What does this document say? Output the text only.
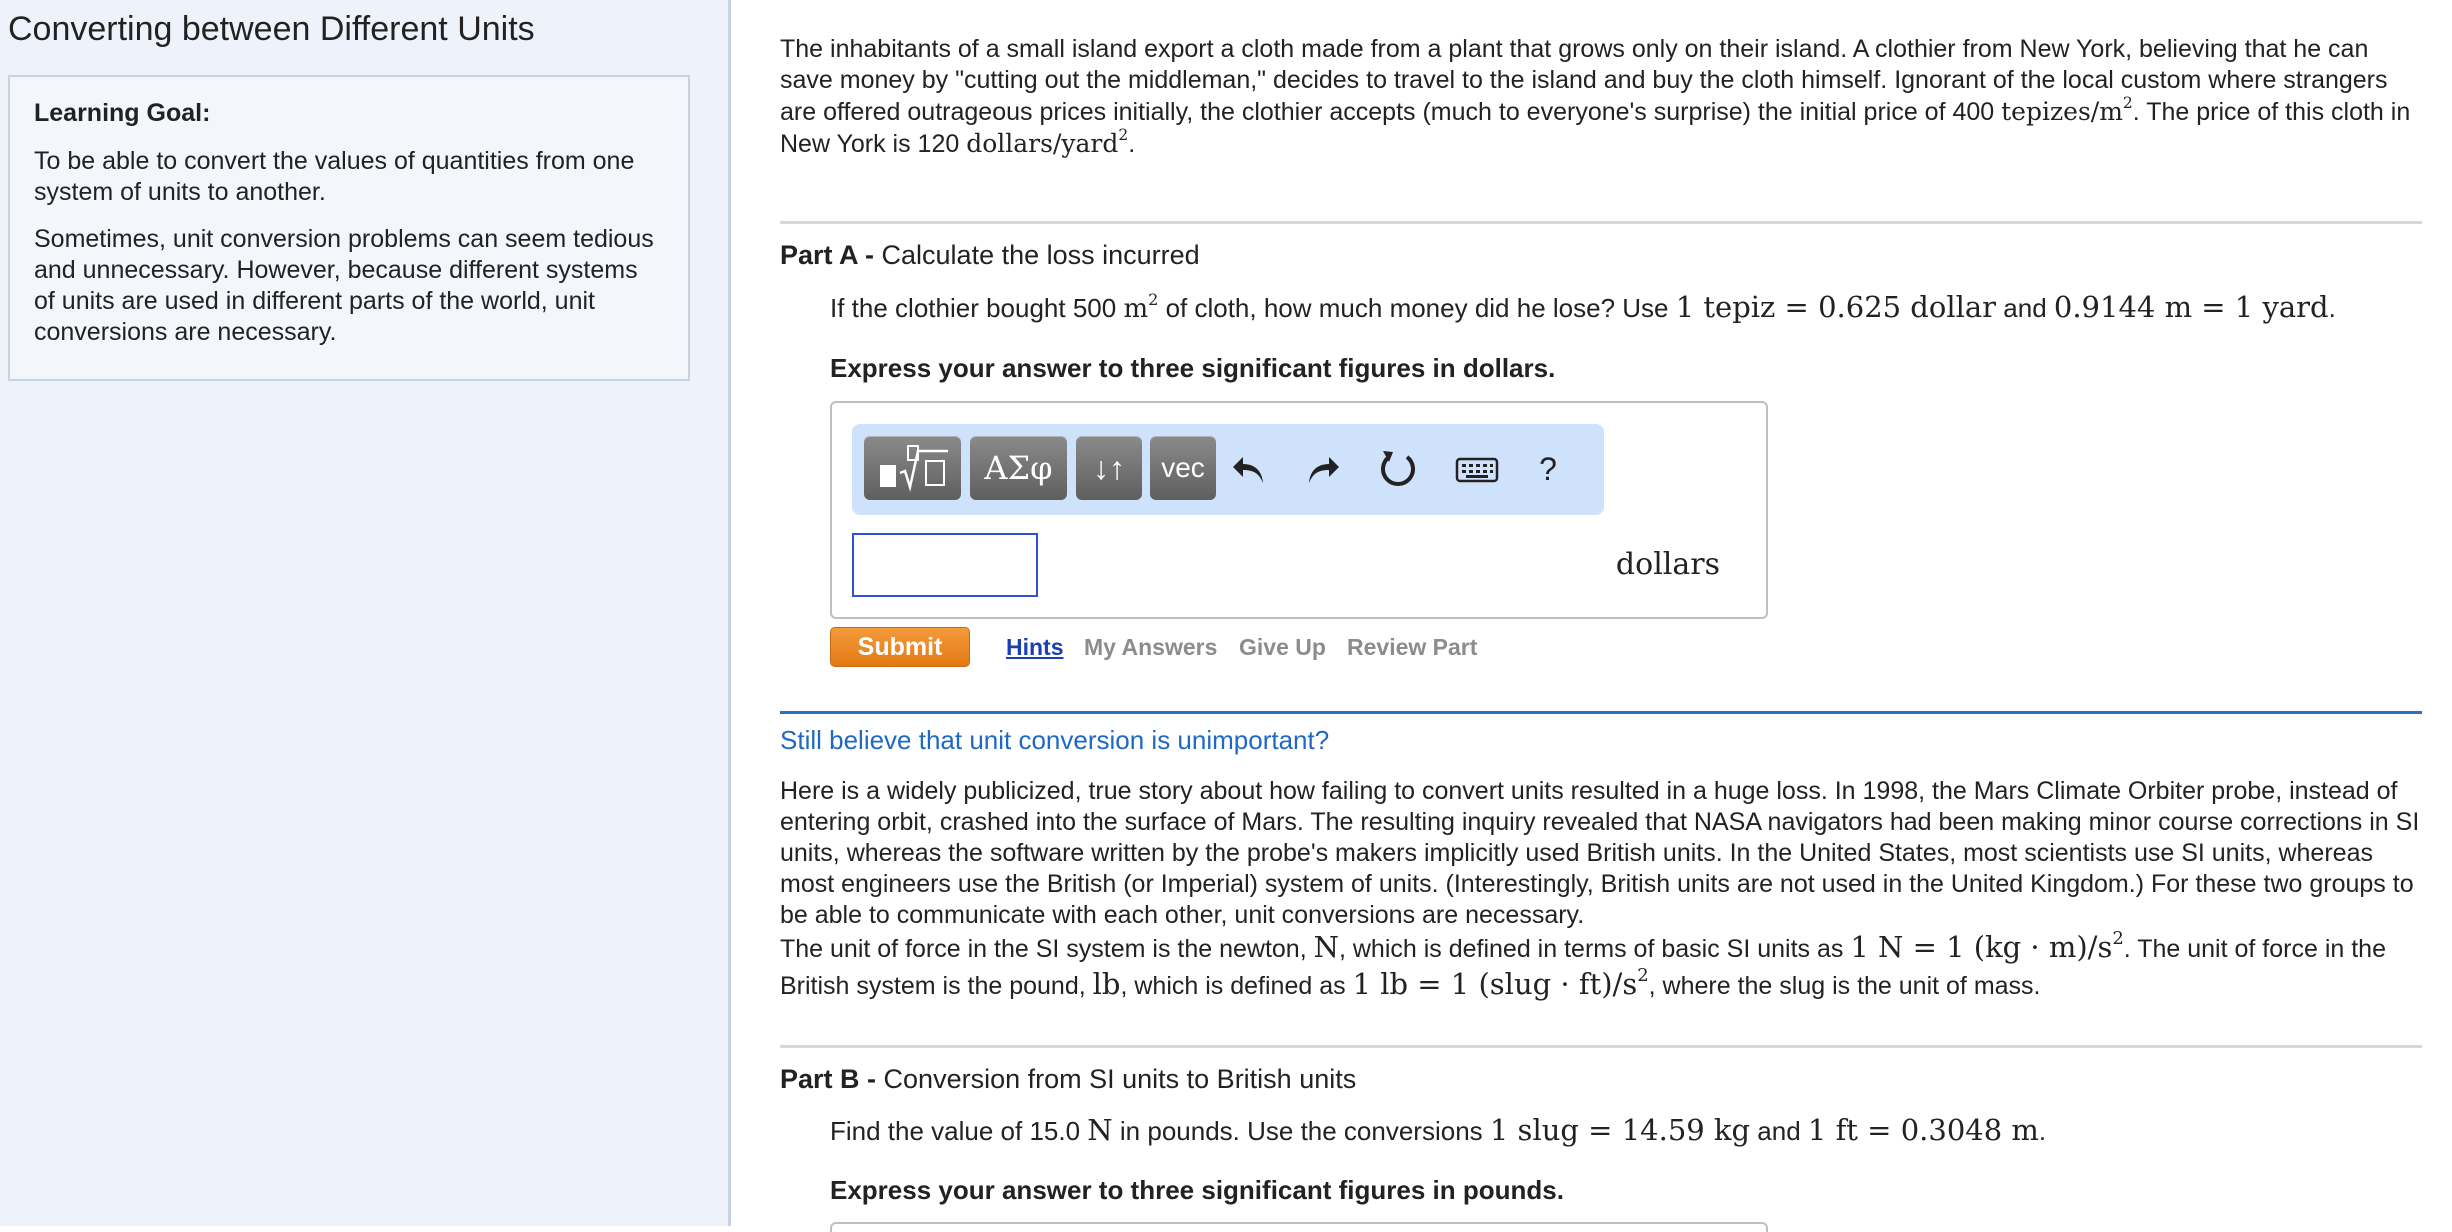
Converting between Different Units
Learning Goal:

To be able to convert the values of quantities from one system of units to another.

Sometimes, unit conversion problems can seem tedious and unnecessary. However, because different systems of units are used in different parts of the world, unit conversions are necessary.

The inhabitants of a small island export a cloth made from a plant that grows only on their island. A clothier from New York, believing that he can save money by "cutting out the middleman," decides to travel to the island and buy the cloth himself. Ignorant of the local custom where strangers are offered outrageous prices initially, the clothier accepts (much to everyone's surprise) the initial price of 400 tepizes/$m^2$. The price of this cloth in New York is 120 dollars/yard$^2$.

Part A - Calculate the loss incurred
If the clothier bought 500 $m^2$ of cloth, how much money did he lose? Use 1 tepiz = 0.625 dollar and 0.9144 m = 1 yard.
Express your answer to three significant figures in dollars.
ΑΣφ ↓↑ vec	?
dollars
Submit	Hints My Answers Give Up Review Part
Still believe that unit conversion is unimportant?

Here is a widely publicized, true story about how failing to convert units resulted in a huge loss. In 1998, the Mars Climate Orbiter probe, instead of entering orbit, crashed into the surface of Mars. The resulting inquiry revealed that NASA navigators had been making minor course corrections in SI units, whereas the software written by the probe's makers implicitly used British units. In the United States, most scientists use SI units, whereas most engineers use the British (or Imperial) system of units. (Interestingly, British units are not used in the United Kingdom.) For these two groups to be able to communicate with each other, unit conversions are necessary.

The unit of force in the SI system is the newton, N, which is defined in terms of basic SI units as 1 N = 1 $(kg \cdot m)/s^2$. The unit of force in the British system is the pound, lb, which is defined as 1 lb = 1 (slug · $ft)/s^2$, where the slug is the unit of mass.

Part B - Conversion from SI units to British units
Find the value of 15.0 N in pounds. Use the conversions 1 slug = 14.59 kg and 1 ft = 0.3048 m.
Express your answer to three significant figures in pounds.
